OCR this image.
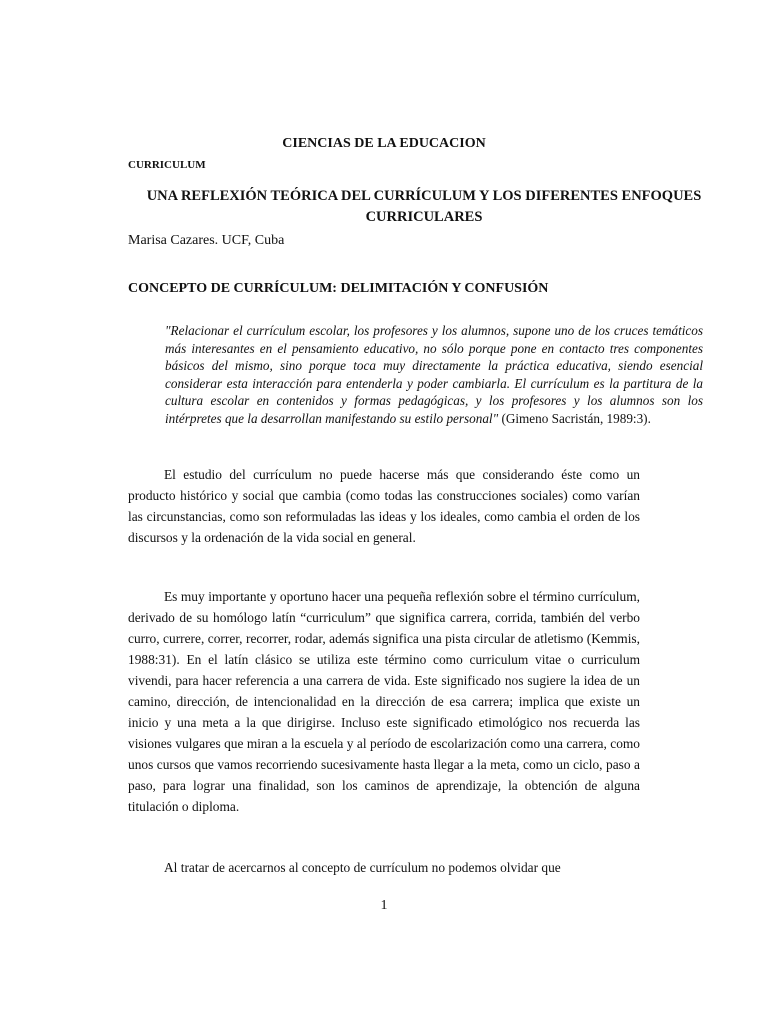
CIENCIAS DE LA EDUCACION

CURRICULUM

UNA REFLEXIÓN TEÓRICA DEL CURRÍCULUM Y LOS DIFERENTES ENFOQUES CURRICULARES

Marisa Cazares. UCF, Cuba

CONCEPTO DE CURRÍCULUM: DELIMITACIÓN Y CONFUSIÓN

"Relacionar el currículum escolar, los profesores y los alumnos, supone uno de los cruces temáticos más interesantes en el pensamiento educativo, no sólo porque pone en contacto tres componentes básicos del mismo, sino porque toca muy directamente la práctica educativa, siendo esencial considerar esta interacción para entenderla y poder cambiarla. El currículum es la partitura de la cultura escolar en contenidos y formas pedagógicas, y los profesores y los alumnos son los intérpretes que la desarrollan manifestando su estilo personal" (Gimeno Sacristán, 1989:3).

El estudio del currículum no puede hacerse más que considerando éste como un producto histórico y social que cambia (como todas las construcciones sociales) como varían las circunstancias, como son reformuladas las ideas y los ideales, como cambia el orden de los discursos y la ordenación de la vida social en general.

Es muy importante y oportuno hacer una pequeña reflexión sobre el término currículum, derivado de su homólogo latín “curriculum” que significa carrera, corrida, también del verbo curro, currere, correr, recorrer, rodar, además significa una pista circular de atletismo (Kemmis, 1988:31). En el latín clásico se utiliza este término como curriculum vitae o curriculum vivendi, para hacer referencia a una carrera de vida. Este significado nos sugiere la idea de un camino, dirección, de intencionalidad en la dirección de esa carrera; implica que existe un inicio y una meta a la que dirigirse. Incluso este significado etimológico nos recuerda las visiones vulgares que miran a la escuela y al período de escolarización como una carrera, como unos cursos que vamos recorriendo sucesivamente hasta llegar a la meta, como un ciclo, paso a paso, para lograr una finalidad, son los caminos de aprendizaje, la obtención de alguna titulación o diploma.

Al tratar de acercarnos al concepto de currículum no podemos olvidar que

1
